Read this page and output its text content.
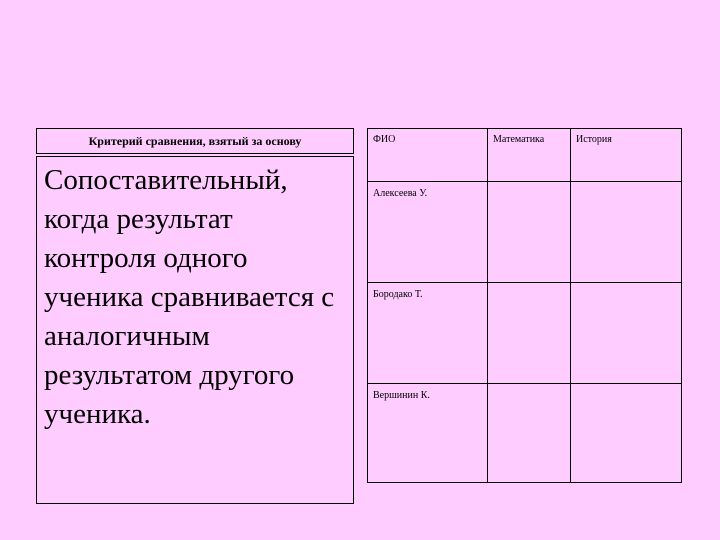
Критерий сравнения, взятый за основу
Сопоставительный, когда результат контроля одного ученика сравнивается с аналогичным результатом другого ученика.
ФИО	Математика	История

Алексеева У.		

Бородако Т.		

Вершинин К.		
